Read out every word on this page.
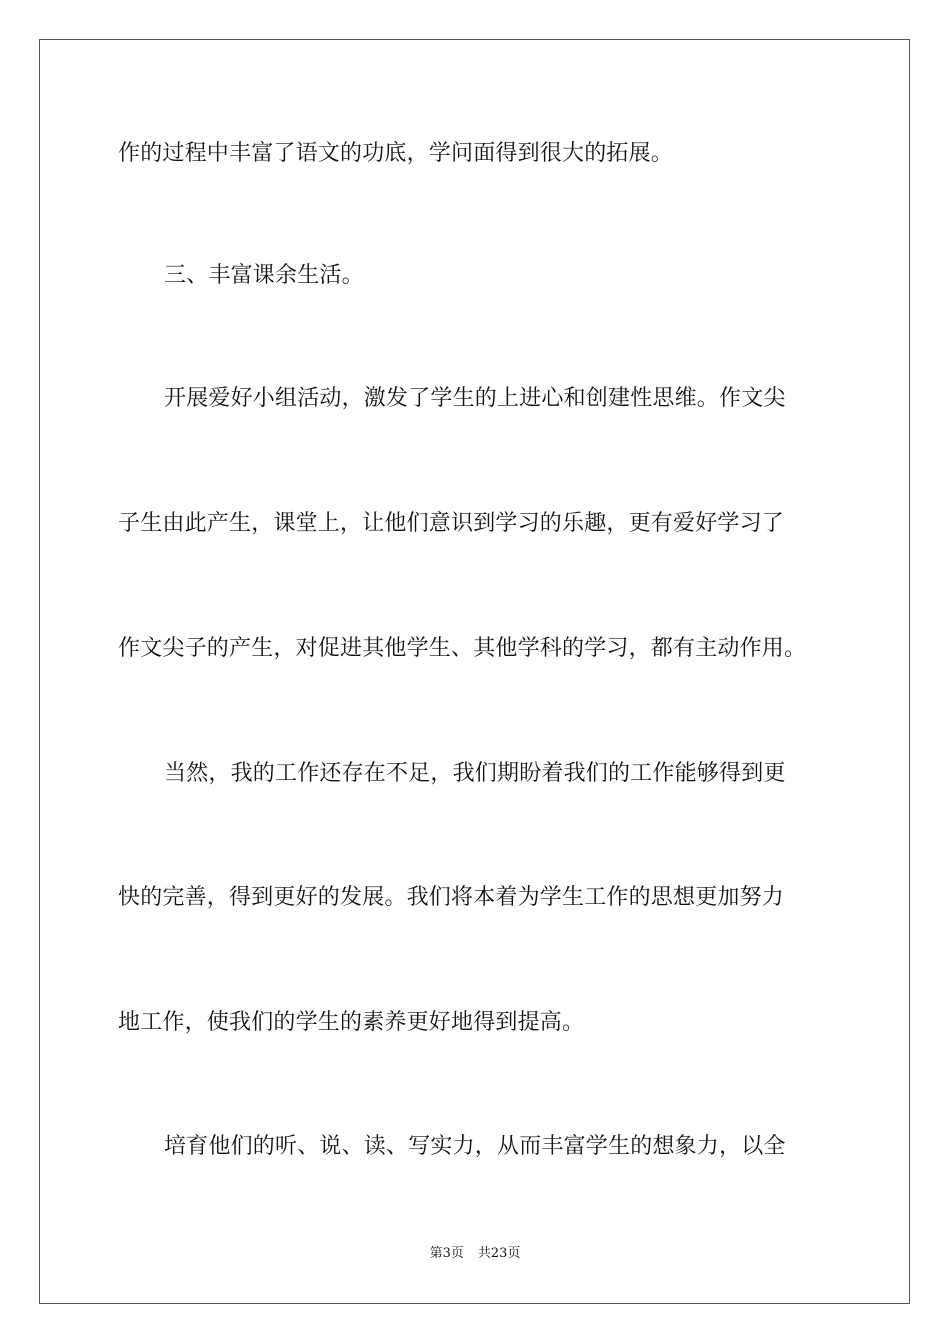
作的过程中丰富了语文的功底，学问面得到很大的拓展。
三、丰富课余生活。
开展爱好小组活动，激发了学生的上进心和创建性思维。作文尖
子生由此产生，课堂上，让他们意识到学习的乐趣，更有爱好学习了
作文尖子的产生，对促进其他学生、其他学科的学习，都有主动作用。
当然，我的工作还存在不足，我们期盼着我们的工作能够得到更
快的完善，得到更好的发展。我们将本着为学生工作的思想更加努力
地工作，使我们的学生的素养更好地得到提高。
培育他们的听、说、读、写实力，从而丰富学生的想象力，以全
第3页 共23页
